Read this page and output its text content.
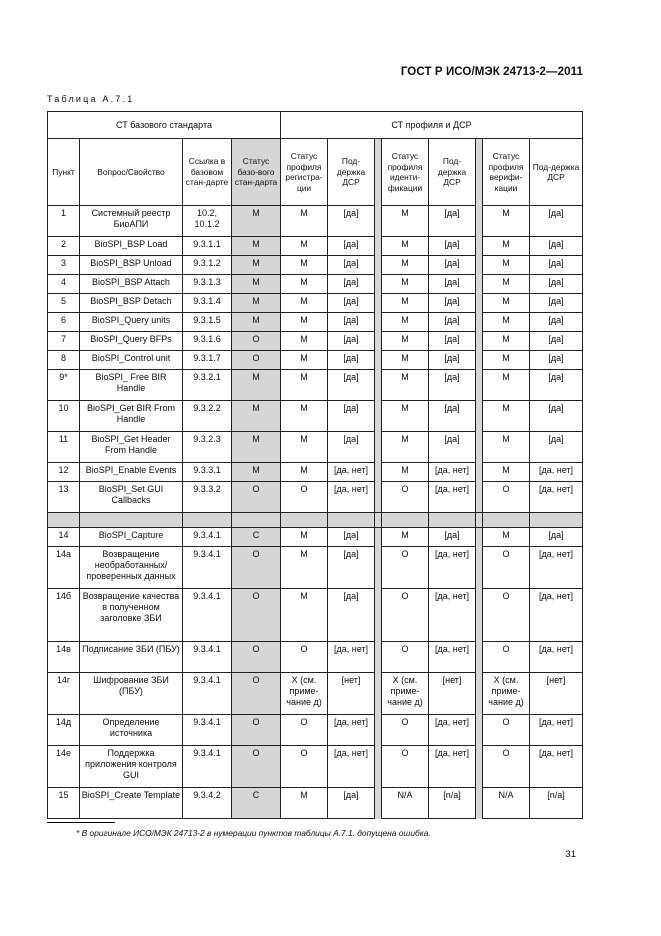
ГОСТ Р ИСО/МЭК 24713-2—2011
Таблица А.7.1
СТ базового стандарта				СТ профиля и ДСР							
Пункт	Вопрос/Свойство	Ссылка в базовом стан-дарте	Статус базо-вого стан-дарта	Статус профиля регистра-ции	Под-держка ДСР		Статус профиля иденти-фикации	Под-держка ДСР		Статус профиля верифи-кации	Под-держка ДСР
1	Системный реестр БиоАПИ	10.2, 10.1.2	M	M	[да]		M	[да]		M	[да]
2	BioSPI_BSP Load	9.3.1.1	M	M	[да]		M	[да]		M	[да]
3	BioSPI_BSP Unload	9.3.1.2	M	M	[да]		M	[да]		M	[да]
4	BioSPI_BSP Attach	9.3.1.3	M	M	[да]		M	[да]		M	[да]
5	BioSPI_BSP Detach	9.3.1.4	M	M	[да]		M	[да]		M	[да]
6	BioSPI_Query units	9.3.1.5	M	M	[да]		M	[да]		M	[да]
7	BioSPI_Query BFPs	9.3.1.6	O	M	[да]		M	[да]		M	[да]
8	BioSPI_Control unit	9.3.1.7	O	M	[да]		M	[да]		M	[да]
9*	BioSPI_ Free BIR Handle	9.3.2.1	M	M	[да]		M	[да]		M	[да]
10	BioSPI_Get BIR From Handle	9.3.2.2	M	M	[да]		M	[да]		M	[да]
11	BioSPI_Get Header From Handle	9.3.2.3	M	M	[да]		M	[да]		M	[да]
12	BioSPI_Enable Events	9.3.3.1	M	M	[да, нет]		M	[да, нет]		M	[да, нет]
13	BioSPI_Set GUI Callbacks	9.3.3.2	O	O	[да, нет]		O	[да, нет]		O	[да, нет]

14	BioSPI_Capture	9.3.4.1	C	M	[да]		M	[да]		M	[да]
14a	Возвращение необработанных/ проверенных данных	9.3.4.1	O	M	[да]		O	[да, нет]		O	[да, нет]
14б	Возвращение качества в полученном заголовке ЗБИ	9.3.4.1	O	M	[да]		O	[да, нет]		O	[да, нет]
14в	Подписание ЗБИ (ПБУ)	9.3.4.1	O	O	[да, нет]		O	[да, нет]		O	[да, нет]
14г	Шифрование ЗБИ (ПБУ)	9.3.4.1	O	X (см. приме-чание д)	[нет]		X (см. приме-чание д)	[нет]		X (см. приме-чание д)	[нет]
14д	Определение источника	9.3.4.1	O	O	[да, нет]		O	[да, нет]		O	[да, нет]
14е	Поддержка приложения контроля GUI	9.3.4.1	O	O	[да, нет]		O	[да, нет]		O	[да, нет]
15	BioSPI_Create Template	9.3.4.2	C	M	[да]		N/A	[n/a]		N/A	[n/a]
* В оригинале ИСО/МЭК 24713-2 в нумерации пунктов таблицы А.7.1. допущена ошибка.
31
